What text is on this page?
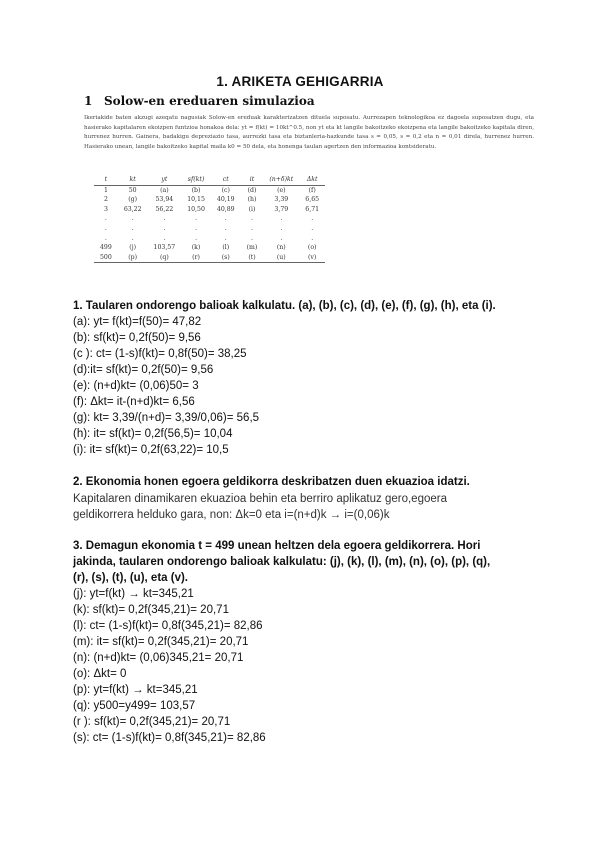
1. ARIKETA GEHIGARRIA
1 Solow-en ereduaren simulazioa
Ikeriakide baten akzugi azeqatu nagusiak Solow-en ereduak karakterizatzen dituela suposatu. Aurrezapen teknologikoa ez dagoela suposatzen dugu, eta hasierako kapitalaren ekoizpen funtzioa honakoa dela: yt = f(kt) = 10kt^0.5, non yt eta kt langile bakoitzeko ekoizpena eta langile bakoitzeko kapitala diren, hurrenez hurren. Gainera, badakigu depreziazio tasa, aurrezki tasa eta biztanleria-hazkunde tasa s = 0,05, s = 0,2 eta n = 0,01 direla, hurrenez hurren. Hasierako unean, langile bakoitzeko kapital maila k0 = 50 dela, eta honenga taulan agertzen den informazioa kontsideratu.
t	kt	yt	sf(kt)	ct	it	(n+δ)kt	Δkt
1	50	(a)	(b)	(c)	(d)	(e)	(f)
2	(g)	53,94	10,15	40,19	(h)	3,39	6,65
3	63,22	56,22	10,50	40,89	(i)	3,79	6,71
.	.	.	.	.	.	.	.
.	.	.	.	.	.	.	.
.	.	.	.	.	.	.	.
499	(j)	103,57	(k)	(l)	(m)	(n)	(o)
500	(p)	(q)	(r)	(s)	(t)	(u)	(v)
1. Taularen ondorengo balioak kalkulatu. (a), (b), (c), (d), (e), (f), (g), (h), eta (i).
(a): yt= f(kt)=f(50)= 47,82
(b): sf(kt)= 0,2f(50)= 9,56
(c ): ct= (1-s)f(kt)= 0,8f(50)= 38,25
(d):it= sf(kt)= 0,2f(50)= 9,56
(e): (n+d)kt= (0,06)50= 3
(f): Δkt= it-(n+d)kt= 6,56
(g): kt= 3,39/(n+d)= 3,39/0,06)= 56,5
(h): it= sf(kt)= 0,2f(56,5)= 10,04
(i): it= sf(kt)= 0,2f(63,22)= 10,5
2. Ekonomia honen egoera geldikorra deskribatzen duen ekuazioa idatzi.
Kapitalaren dinamikaren ekuazioa behin eta berriro aplikatuz gero,egoera
geldikorrera helduko gara, non: Δk=0 eta i=(n+d)k → i=(0,06)k
3. Demagun ekonomia t = 499 unean heltzen dela egoera geldikorrera. Hori
jakinda, taularen ondorengo balioak kalkulatu: (j), (k), (l), (m), (n), (o), (p), (q),
(r), (s), (t), (u), eta (v).
(j): yt=f(kt) → kt=345,21
(k): sf(kt)= 0,2f(345,21)= 20,71
(l): ct= (1-s)f(kt)= 0,8f(345,21)= 82,86
(m): it= sf(kt)= 0,2f(345,21)= 20,71
(n): (n+d)kt= (0,06)345,21= 20,71
(o): Δkt= 0
(p): yt=f(kt) → kt=345,21
(q): y500=y499= 103,57
(r ): sf(kt)= 0,2f(345,21)= 20,71
(s): ct= (1-s)f(kt)= 0,8f(345,21)= 82,86
